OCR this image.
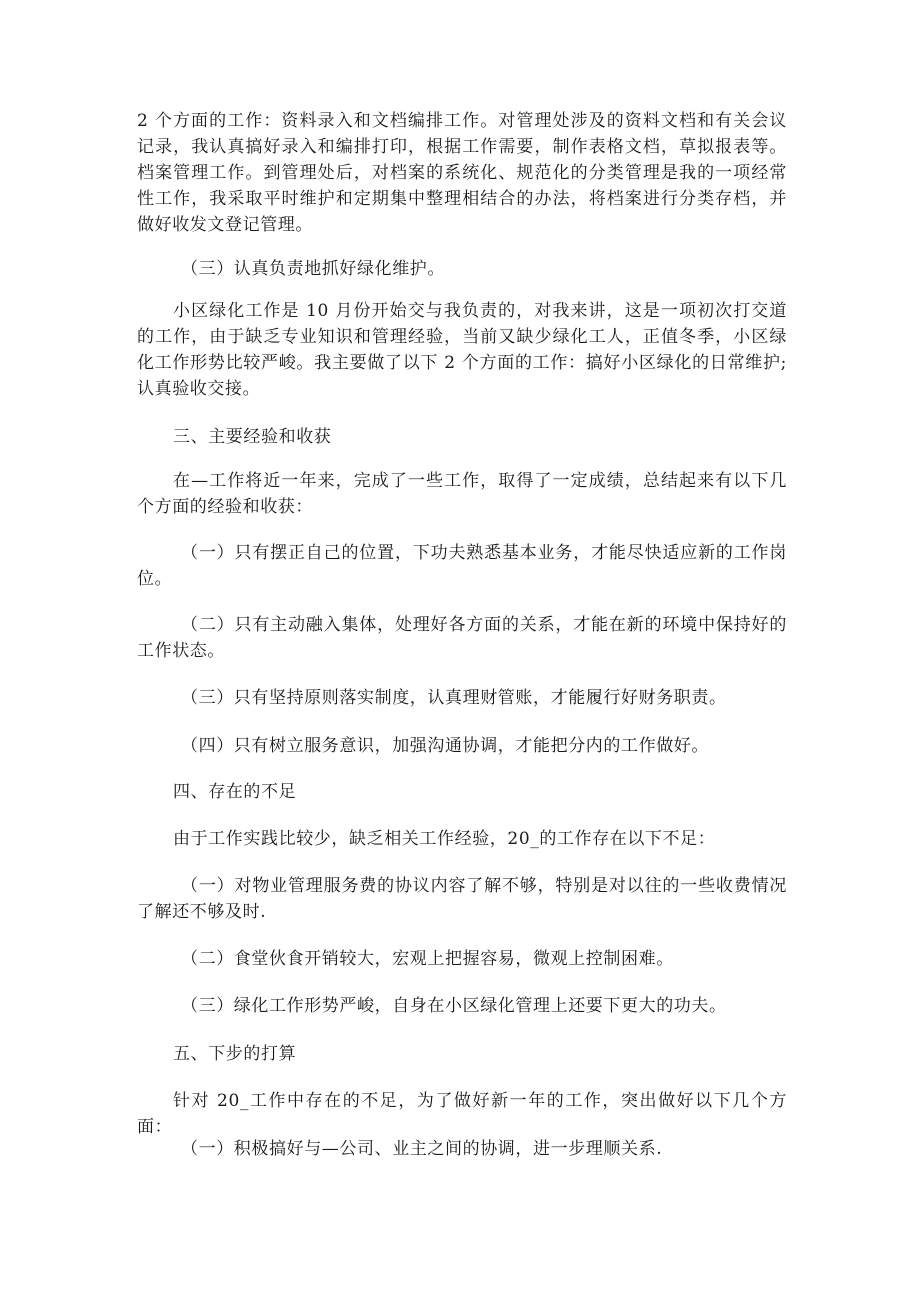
2 个方面的工作：资料录入和文档编排工作。对管理处涉及的资料文档和有关会议记录，我认真搞好录入和编排打印，根据工作需要，制作表格文档，草拟报表等。档案管理工作。到管理处后，对档案的系统化、规范化的分类管理是我的一项经常性工作，我采取平时维护和定期集中整理相结合的办法，将档案进行分类存档，并做好收发文登记管理。

（三）认真负责地抓好绿化维护。

小区绿化工作是 10 月份开始交与我负责的，对我来讲，这是一项初次打交道的工作，由于缺乏专业知识和管理经验，当前又缺少绿化工人，正值冬季，小区绿化工作形势比较严峻。我主要做了以下 2 个方面的工作：搞好小区绿化的日常维护;认真验收交接。

三、主要经验和收获

在—工作将近一年来，完成了一些工作，取得了一定成绩，总结起来有以下几个方面的经验和收获：

（一）只有摆正自己的位置，下功夫熟悉基本业务，才能尽快适应新的工作岗位。

（二）只有主动融入集体，处理好各方面的关系，才能在新的环境中保持好的工作状态。

（三）只有坚持原则落实制度，认真理财管账，才能履行好财务职责。

（四）只有树立服务意识，加强沟通协调，才能把分内的工作做好。

四、存在的不足

由于工作实践比较少，缺乏相关工作经验，20_的工作存在以下不足：

（一）对物业管理服务费的协议内容了解不够，特别是对以往的一些收费情况了解还不够及时.

（二）食堂伙食开销较大，宏观上把握容易，微观上控制困难。

（三）绿化工作形势严峻，自身在小区绿化管理上还要下更大的功夫。

五、下步的打算

针对 20_工作中存在的不足，为了做好新一年的工作，突出做好以下几个方面：

（一）积极搞好与—公司、业主之间的协调，进一步理顺关系.
